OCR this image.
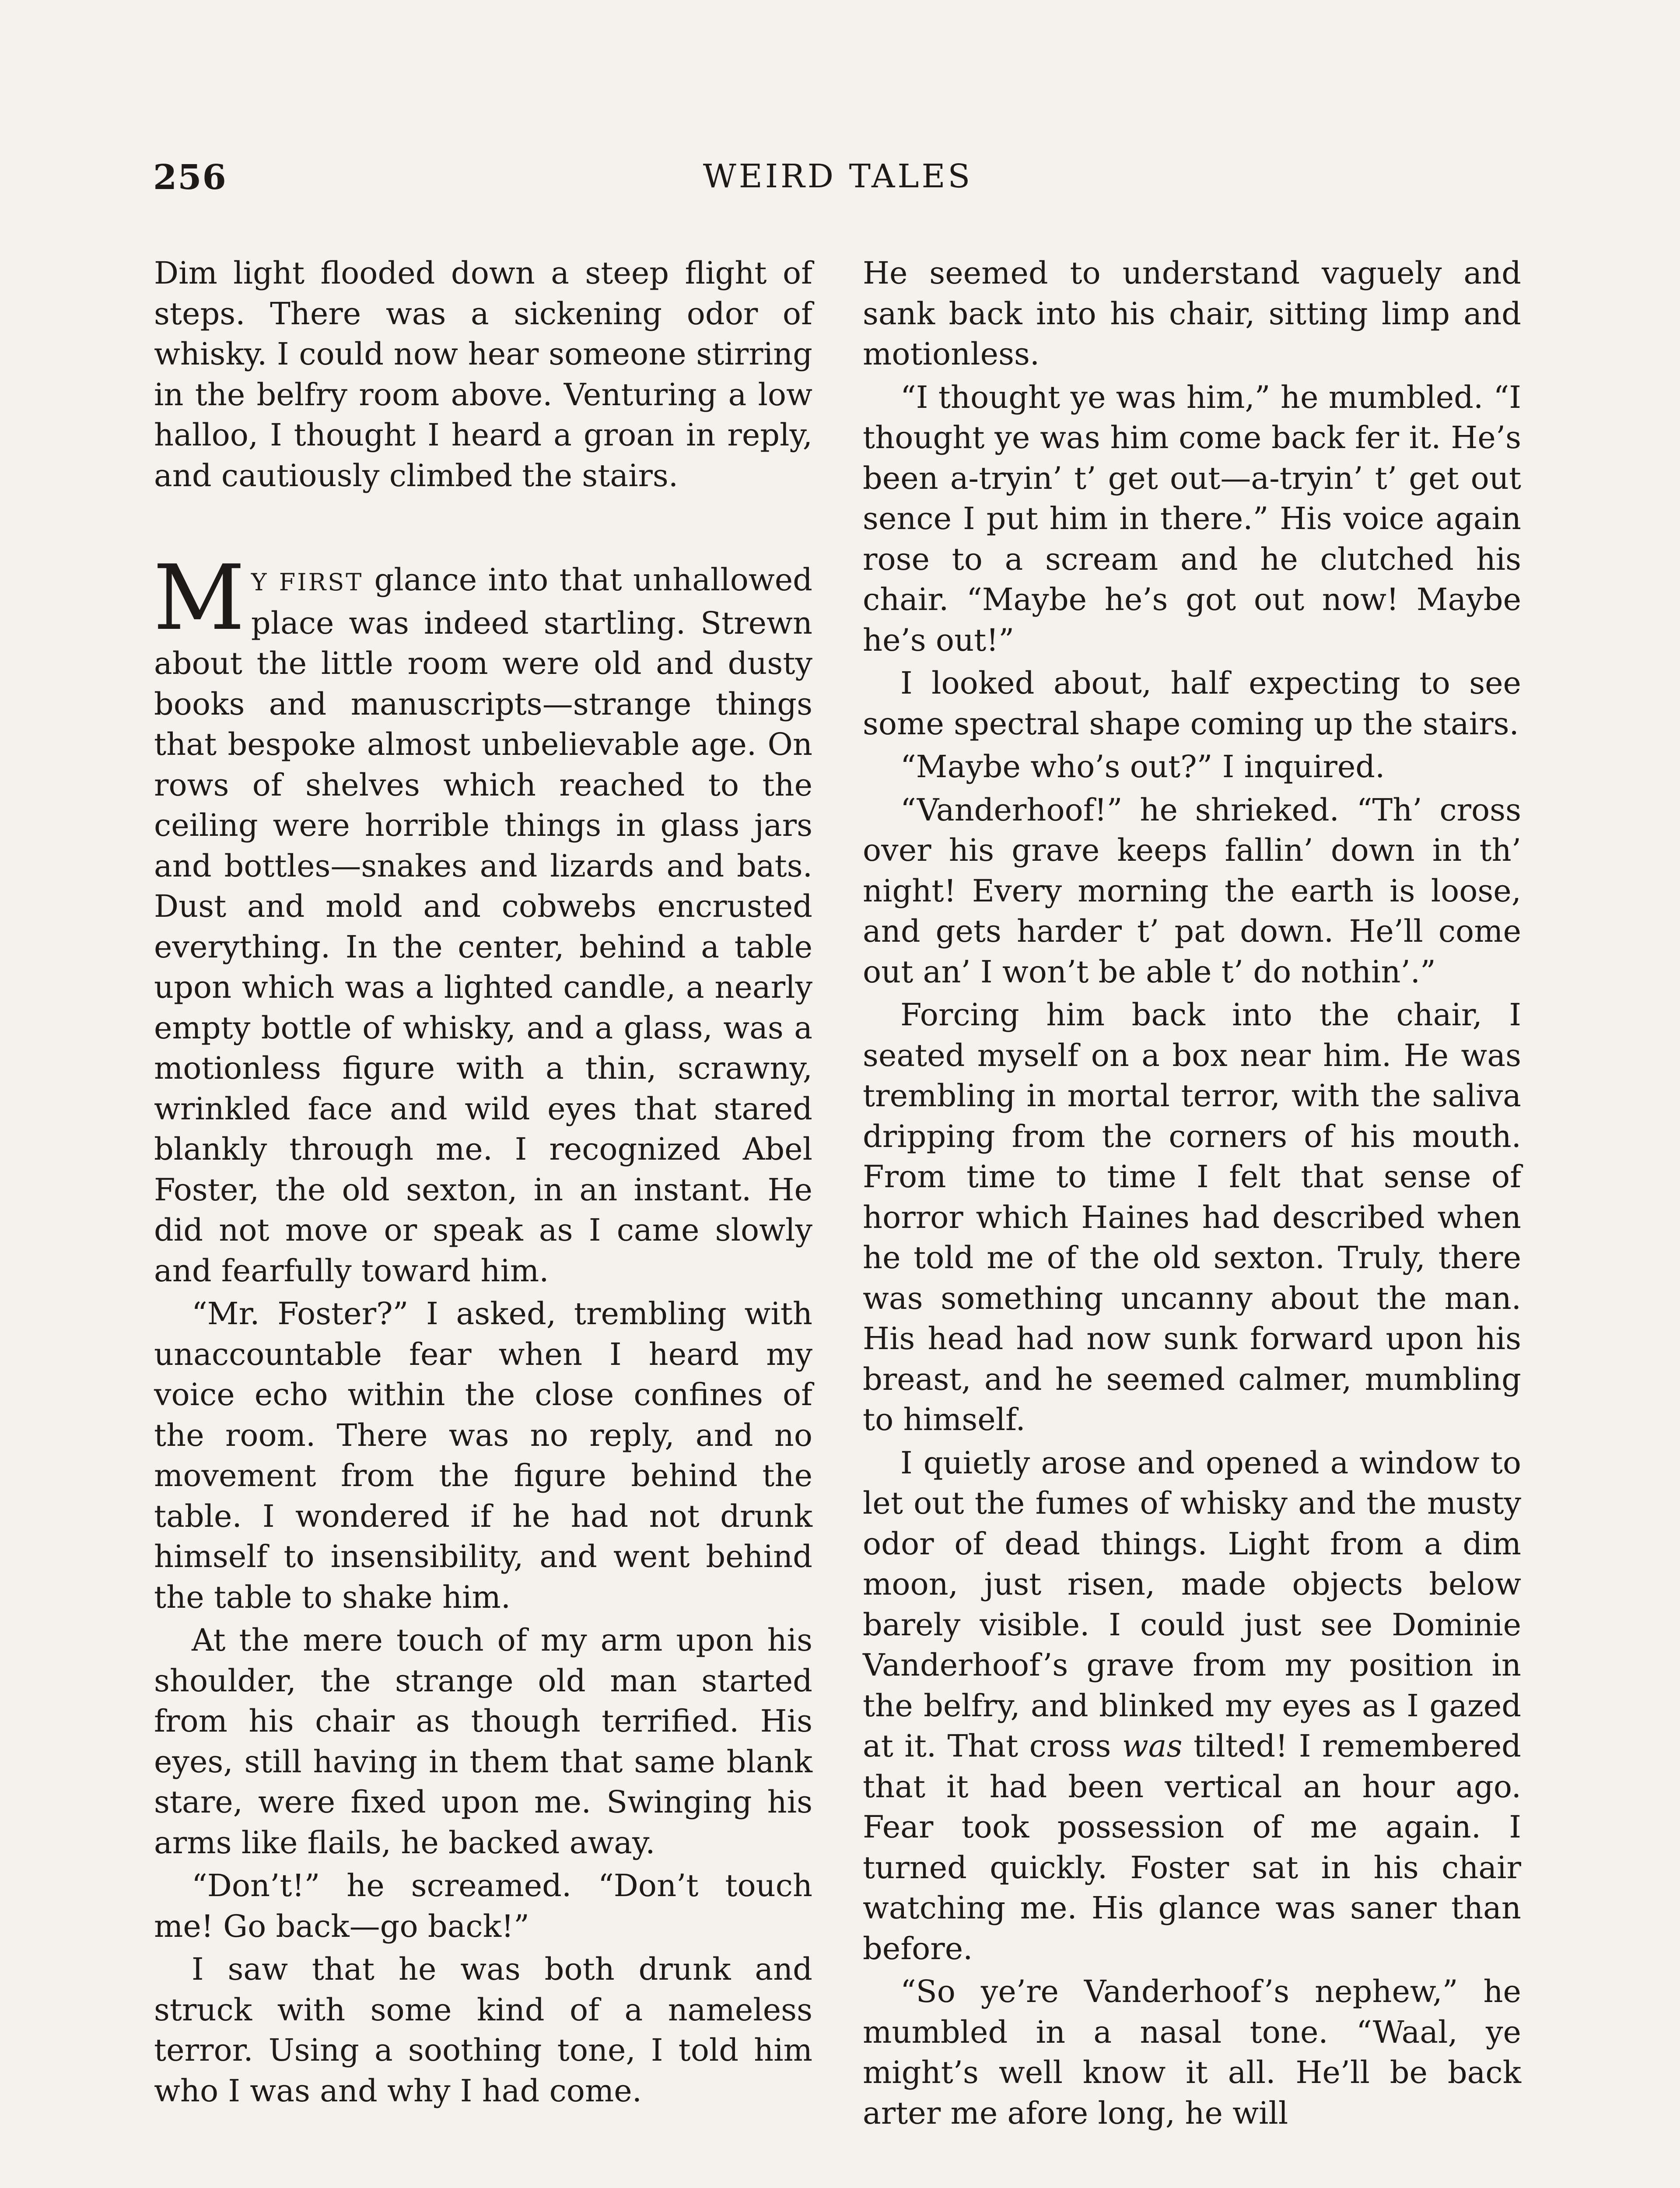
256	WEIRD TALES

Dim light flooded down a steep flight of steps. There was a sickening odor of whisky. I could now hear someone stirring in the belfry room above. Venturing a low halloo, I thought I heard a groan in reply, and cautiously climbed the stairs.

M Y FIRST glance into that unhallowed place was indeed startling. Strewn about the little room were old and dusty books and manuscripts—strange things that bespoke almost unbelievable age. On rows of shelves which reached to the ceiling were horrible things in glass jars and bottles—snakes and lizards and bats. Dust and mold and cobwebs encrusted everything. In the center, behind a table upon which was a lighted candle, a nearly empty bottle of whisky, and a glass, was a motionless figure with a thin, scrawny, wrinkled face and wild eyes that stared blankly through me. I recognized Abel Foster, the old sexton, in an instant. He did not move or speak as I came slowly and fearfully toward him.

“Mr. Foster?” I asked, trembling with unaccountable fear when I heard my voice echo within the close confines of the room. There was no reply, and no movement from the figure behind the table. I wondered if he had not drunk himself to insensibility, and went behind the table to shake him.

At the mere touch of my arm upon his shoulder, the strange old man started from his chair as though terrified. His eyes, still having in them that same blank stare, were fixed upon me. Swinging his arms like flails, he backed away.

“Don’t!” he screamed. “Don’t touch me! Go back—go back!”

I saw that he was both drunk and struck with some kind of a nameless terror. Using a soothing tone, I told him who I was and why I had come.

He seemed to understand vaguely and sank back into his chair, sitting limp and motionless.

“I thought ye was him,” he mumbled. “I thought ye was him come back fer it. He’s been a-tryin’ t’ get out—a-tryin’ t’ get out sence I put him in there.” His voice again rose to a scream and he clutched his chair. “Maybe he’s got out now! Maybe he’s out!”

I looked about, half expecting to see some spectral shape coming up the stairs.

“Maybe who’s out?” I inquired.

“Vanderhoof!” he shrieked. “Th’ cross over his grave keeps fallin’ down in th’ night! Every morning the earth is loose, and gets harder t’ pat down. He’ll come out an’ I won’t be able t’ do nothin’.”

Forcing him back into the chair, I seated myself on a box near him. He was trembling in mortal terror, with the saliva dripping from the corners of his mouth. From time to time I felt that sense of horror which Haines had described when he told me of the old sexton. Truly, there was something uncanny about the man. His head had now sunk forward upon his breast, and he seemed calmer, mumbling to himself.

I quietly arose and opened a window to let out the fumes of whisky and the musty odor of dead things. Light from a dim moon, just risen, made objects below barely visible. I could just see Dominie Vanderhoof’s grave from my position in the belfry, and blinked my eyes as I gazed at it. That cross was tilted! I remembered that it had been vertical an hour ago. Fear took possession of me again. I turned quickly. Foster sat in his chair watching me. His glance was saner than before.

“So ye’re Vanderhoof’s nephew,” he mumbled in a nasal tone. “Waal, ye might’s well know it all. He’ll be back arter me afore long, he will
